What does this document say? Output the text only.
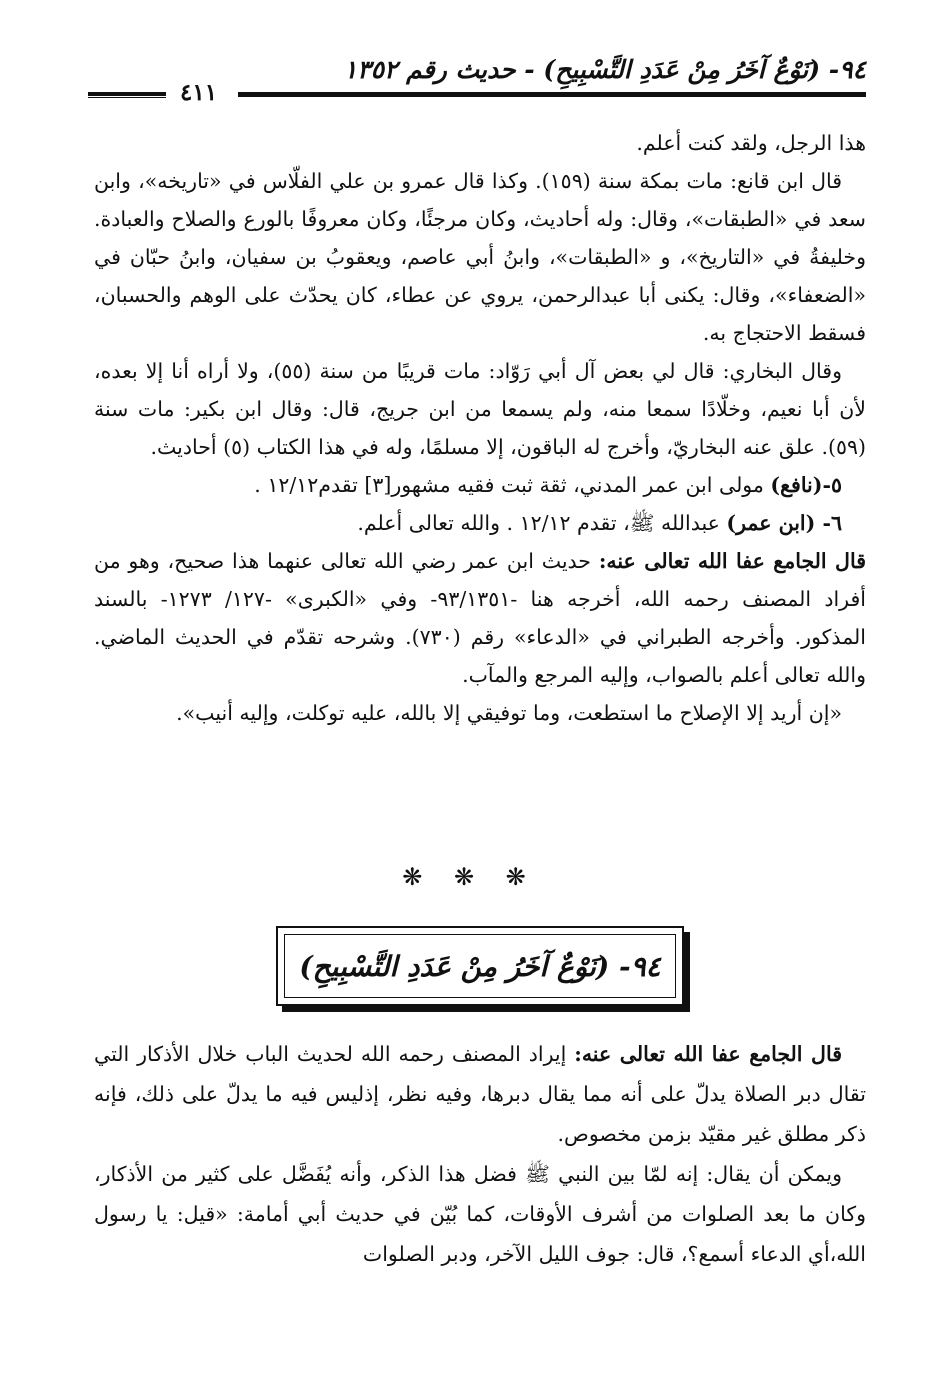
٩٤- (نَوْعٌ آخَرُ مِنْ عَدَدِ التَّسْبِيحِ) - حديث رقم ١٣٥٢
٤١١

هذا الرجل، ولقد كنت أعلم.

قال ابن قانع: مات بمكة سنة (١٥٩). وكذا قال عمرو بن علي الفلّاس في «تاريخه»، وابن سعد في «الطبقات»، وقال: وله أحاديث، وكان مرجئًا، وكان معروفًا بالورع والصلاح والعبادة. وخليفةُ في «التاريخ»، و «الطبقات»، وابنُ أبي عاصم، ويعقوبُ بن سفيان، وابنُ حبّان في «الضعفاء»، وقال: يكنى أبا عبدالرحمن، يروي عن عطاء، كان يحدّث على الوهم والحسبان، فسقط الاحتجاج به.

وقال البخاري: قال لي بعض آل أبي رَوّاد: مات قريبًا من سنة (٥٥)، ولا أراه أنا إلا بعده، لأن أبا نعيم، وخلّادًا سمعا منه، ولم يسمعا من ابن جريج، قال: وقال ابن بكير: مات سنة (٥٩). علق عنه البخاريّ، وأخرج له الباقون، إلا مسلمًا، وله في هذا الكتاب (٥) أحاديث.

٥-(نافع) مولى ابن عمر المدني، ثقة ثبت فقيه مشهور[٣] تقدم١٢/١٢ .

٦- (ابن عمر) عبدالله ﷺ، تقدم ١٢/١٢ . والله تعالى أعلم.

قال الجامع عفا الله تعالى عنه: حديث ابن عمر رضي الله تعالى عنهما هذا صحيح، وهو من أفراد المصنف رحمه الله، أخرجه هنا -٩٣/١٣٥١- وفي «الكبرى» -١٢٧/ ١٢٧٣- بالسند المذكور. وأخرجه الطبراني في «الدعاء» رقم (٧٣٠). وشرحه تقدّم في الحديث الماضي. والله تعالى أعلم بالصواب، وإليه المرجع والمآب.

«إن أريد إلا الإصلاح ما استطعت، وما توفيقي إلا بالله، عليه توكلت، وإليه أنيب».

❋ ❋ ❋
٩٤- (نَوْعٌ آخَرُ مِنْ عَدَدِ التَّسْبِيحِ)

قال الجامع عفا الله تعالى عنه: إيراد المصنف رحمه الله لحديث الباب خلال الأذكار التي تقال دبر الصلاة يدلّ على أنه مما يقال دبرها، وفيه نظر، إذليس فيه ما يدلّ على ذلك، فإنه ذكر مطلق غير مقيّد بزمن مخصوص.

ويمكن أن يقال: إنه لمّا بين النبي ﷺ فضل هذا الذكر، وأنه يُفَضَّل على كثير من الأذكار، وكان ما بعد الصلوات من أشرف الأوقات، كما بُيّن في حديث أبي أمامة: «قيل: يا رسول الله،أي الدعاء أسمع؟، قال: جوف الليل الآخر، ودبر الصلوات
